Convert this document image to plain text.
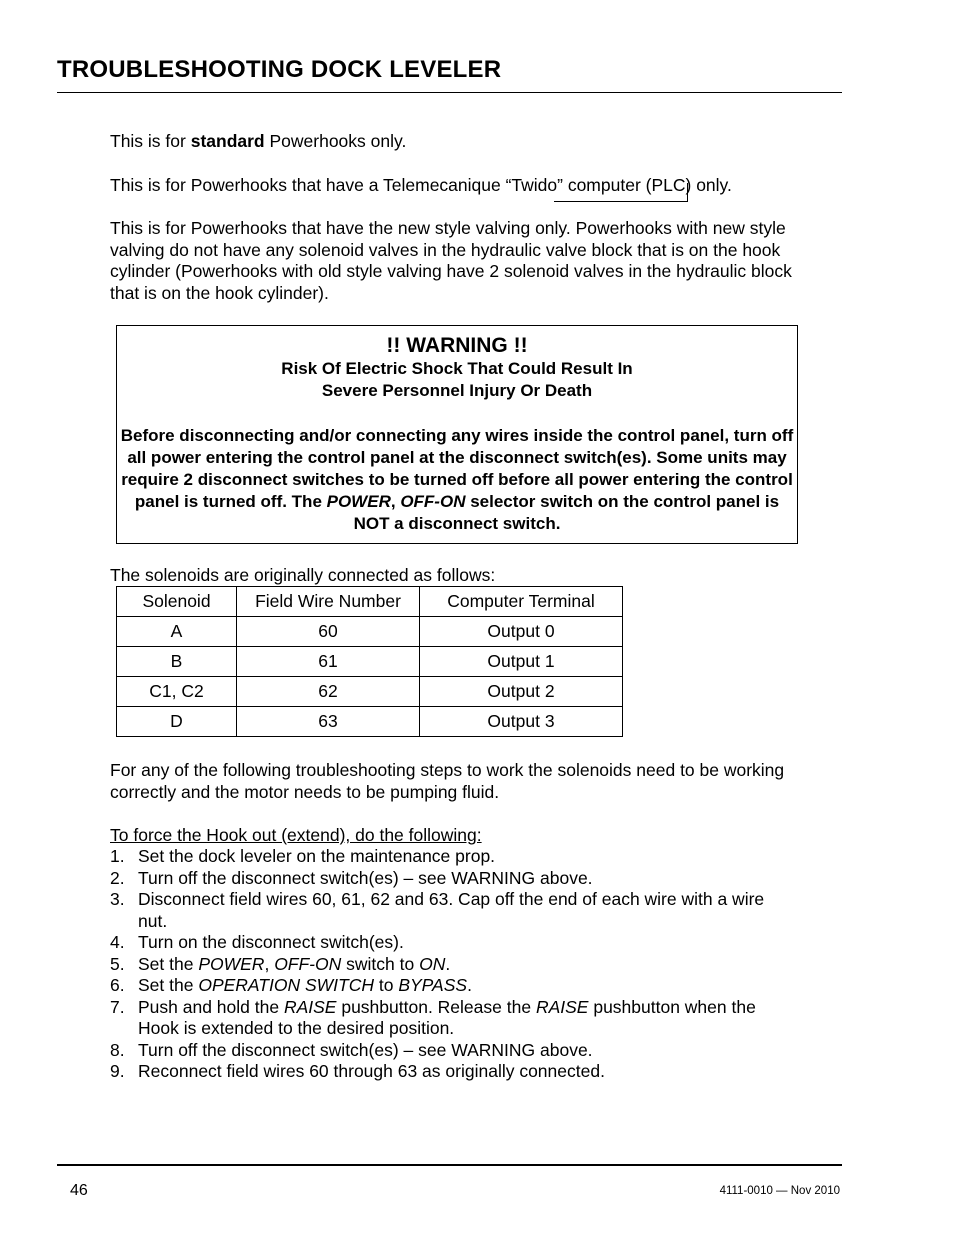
TROUBLESHOOTING DOCK LEVELER
This is for standard Powerhooks only.
This is for Powerhooks that have a Telemecanique “Twido” computer (PLC) only.
This is for Powerhooks that have the new style valving only. Powerhooks with new style valving do not have any solenoid valves in the hydraulic valve block that is on the hook cylinder (Powerhooks with old style valving have 2 solenoid valves in the hydraulic block that is on the hook cylinder).
!! WARNING !!
Risk Of Electric Shock That Could Result In
Severe Personnel Injury Or Death
Before disconnecting and/or connecting any wires inside the control panel, turn off all power entering the control panel at the disconnect switch(es). Some units may require 2 disconnect switches to be turned off before all power entering the control panel is turned off. The POWER, OFF-ON selector switch on the control panel is NOT a disconnect switch.
The solenoids are originally connected as follows:
Solenoid	Field Wire Number	Computer Terminal
A	60	Output 0
B	61	Output 1
C1, C2	62	Output 2
D	63	Output 3
For any of the following troubleshooting steps to work the solenoids need to be working correctly and the motor needs to be pumping fluid.
To force the Hook out (extend), do the following:
1. Set the dock leveler on the maintenance prop.
2. Turn off the disconnect switch(es) – see WARNING above.
3. Disconnect field wires 60, 61, 62 and 63. Cap off the end of each wire with a wire nut.
4. Turn on the disconnect switch(es).
5. Set the POWER, OFF-ON switch to ON.
6. Set the OPERATION SWITCH to BYPASS.
7. Push and hold the RAISE pushbutton. Release the RAISE pushbutton when the Hook is extended to the desired position.
8. Turn off the disconnect switch(es) – see WARNING above.
9. Reconnect field wires 60 through 63 as originally connected.
46	4111-0010 — Nov 2010
